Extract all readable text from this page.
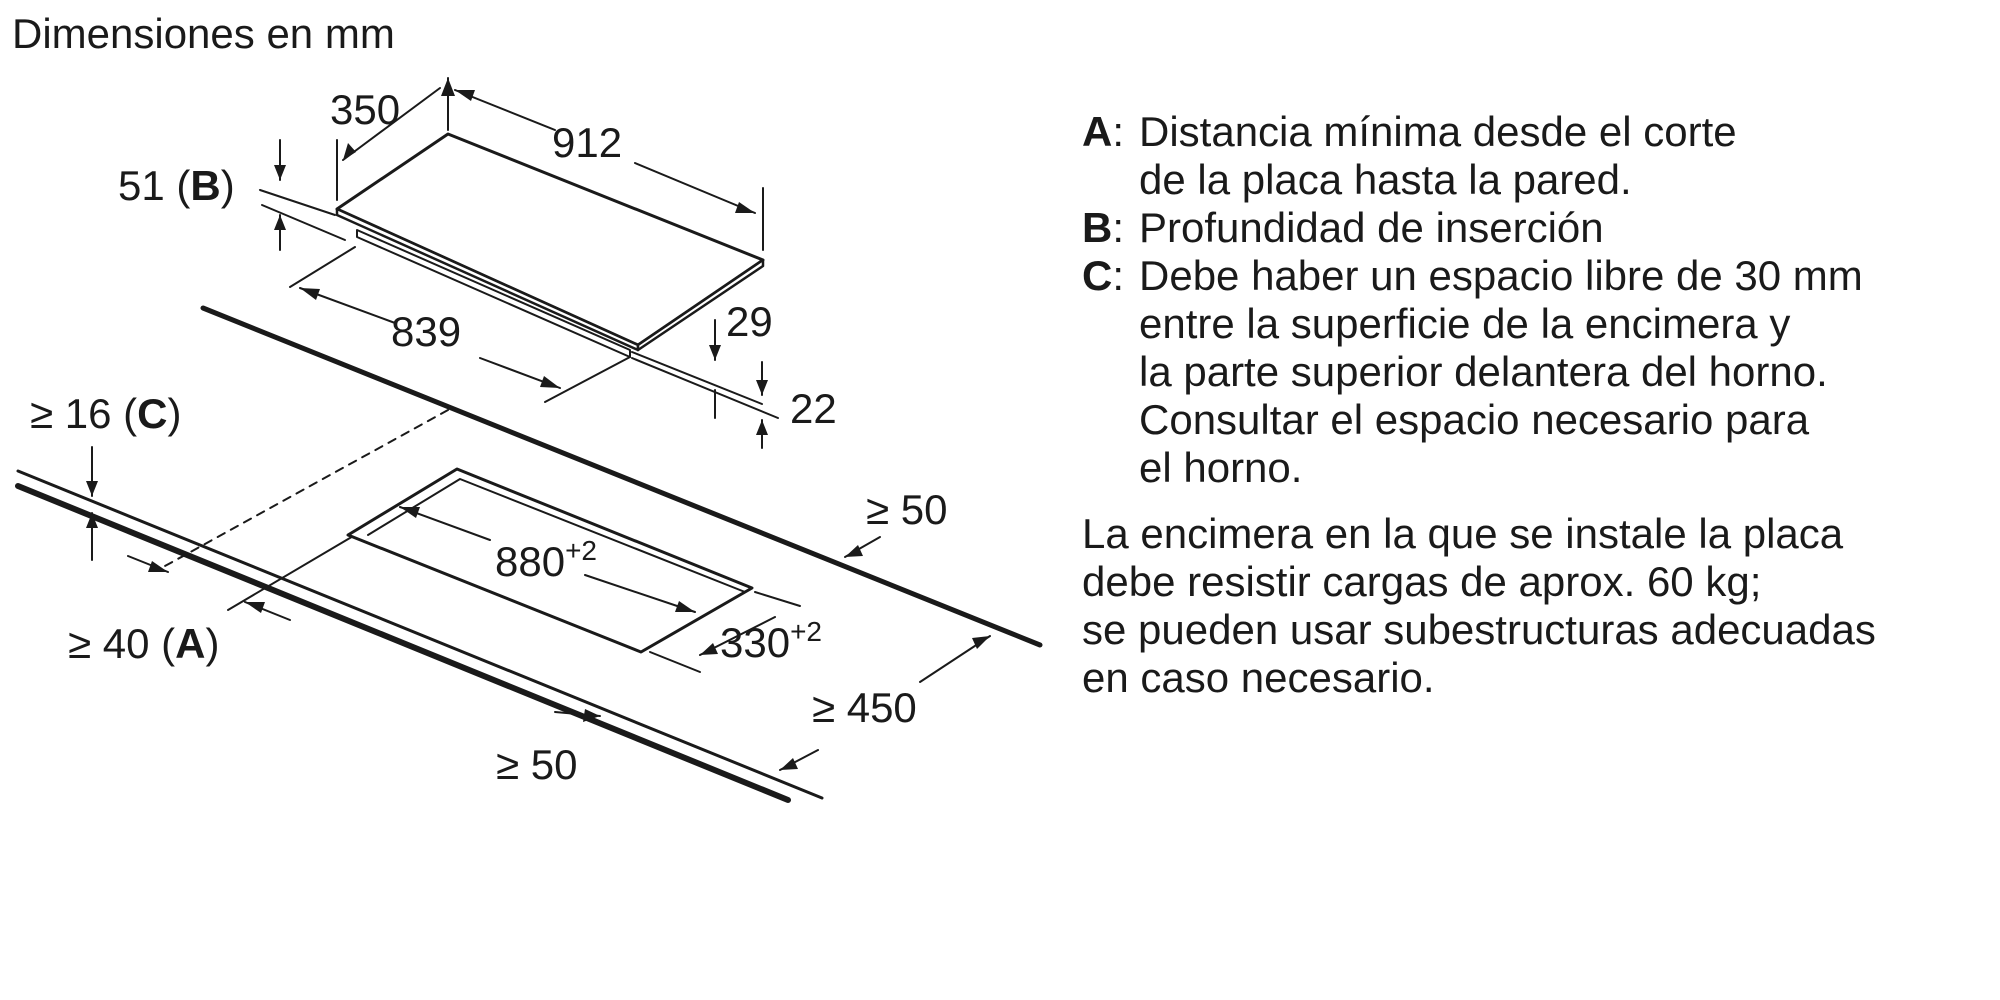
Dimensiones en mm
350
912
51 (B)
839	29
22
≥ 16 (C)
≥ 50
$880^{+2}$
$330^{+2}$
≥ 40 (A)
≥ 450
≥ 50
A: Distancia mínima desde el corte
de la placa hasta la pared.
B: Profundidad de inserción
C: Debe haber un espacio libre de 30 mm
entre la superficie de la encimera y
la parte superior delantera del horno.
Consultar el espacio necesario para
el horno.
La encimera en la que se instale la placa
debe resistir cargas de aprox. 60 kg;
se pueden usar subestructuras adecuadas
en caso necesario.
